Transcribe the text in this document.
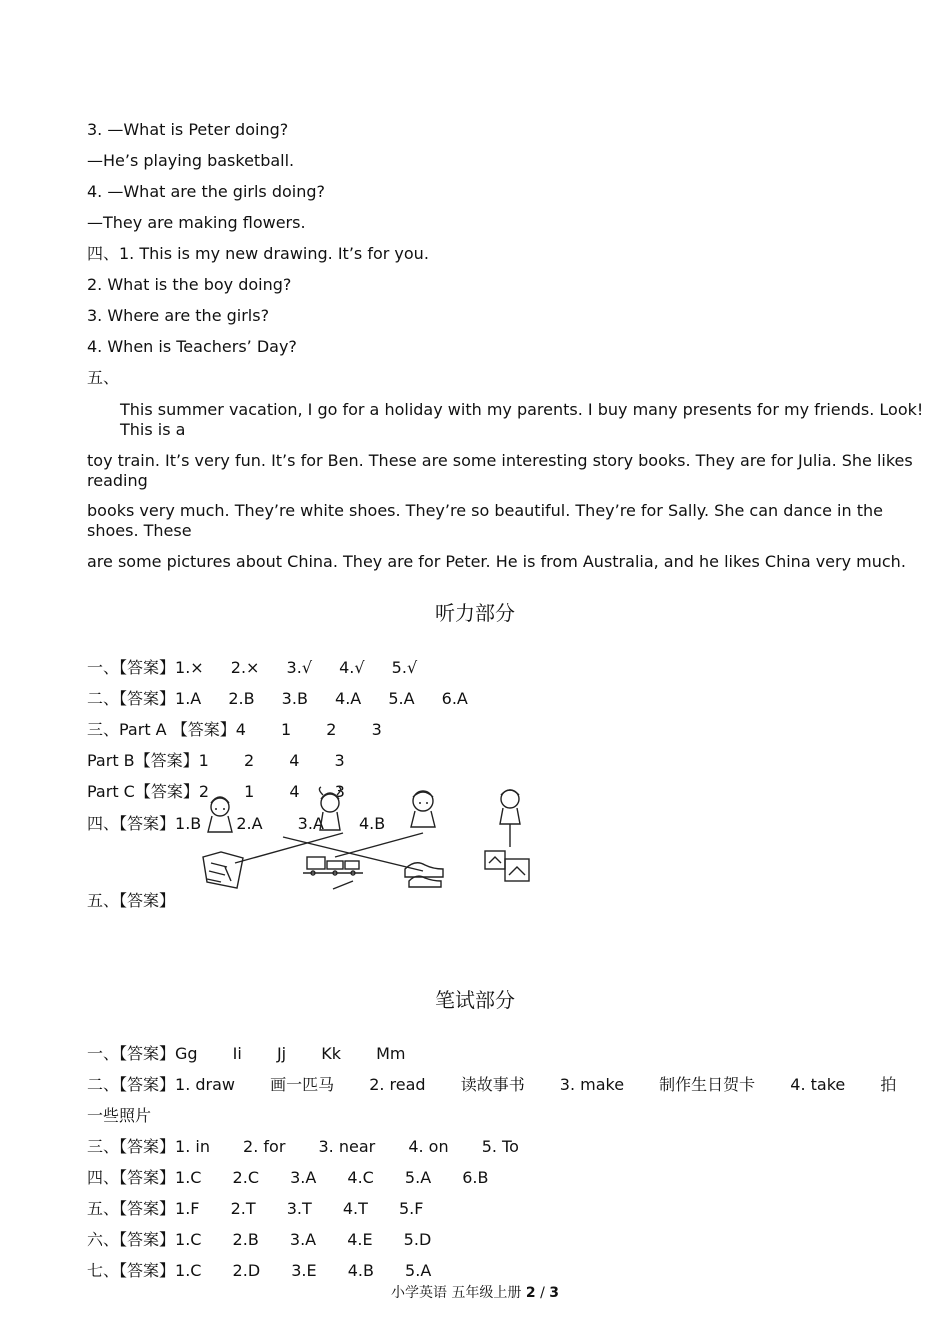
3. —What is Peter doing?
—He’s playing basketball.
4. —What are the girls doing?
—They are making flowers.
四、1. This is my new drawing. It’s for you.
2. What is the boy doing?
3. Where are the girls?
4. When is Teachers’ Day?
五、
This summer vacation, I go for a holiday with my parents. I buy many presents for my friends. Look! This is a
toy train. It’s very fun. It’s for Ben. These are some interesting story books. They are for Julia. She likes reading
books very much. They’re white shoes. They’re so beautiful. They’re for Sally. She can dance in the shoes. These
are some pictures about China. They are for Peter. He is from Australia, and he likes China very much.
听力部分
一、【答案】1.× 2.× 3.√ 4.√ 5.√
二、【答案】1.A 2.B 3.B 4.A 5.A 6.A
三、Part A 【答案】4 1 2 3
Part B【答案】1 2 4 3
Part C【答案】2 1 4 3
四、【答案】1.B 2.A 3.A 4.B
五、【答案】
笔试部分
一、【答案】Gg Ii Jj Kk Mm
二、【答案】1. draw 画一匹马 2. read 读故事书 3. make 制作生日贺卡 4. take 拍
一些照片
三、【答案】1. in 2. for 3. near 4. on 5. To
四、【答案】1.C 2.C 3.A 4.C 5.A 6.B
五、【答案】1.F 2.T 3.T 4.T 5.F
六、【答案】1.C 2.B 3.A 4.E 5.D
七、【答案】1.C 2.D 3.E 4.B 5.A
小学英语 五年级上册 2 / 3
